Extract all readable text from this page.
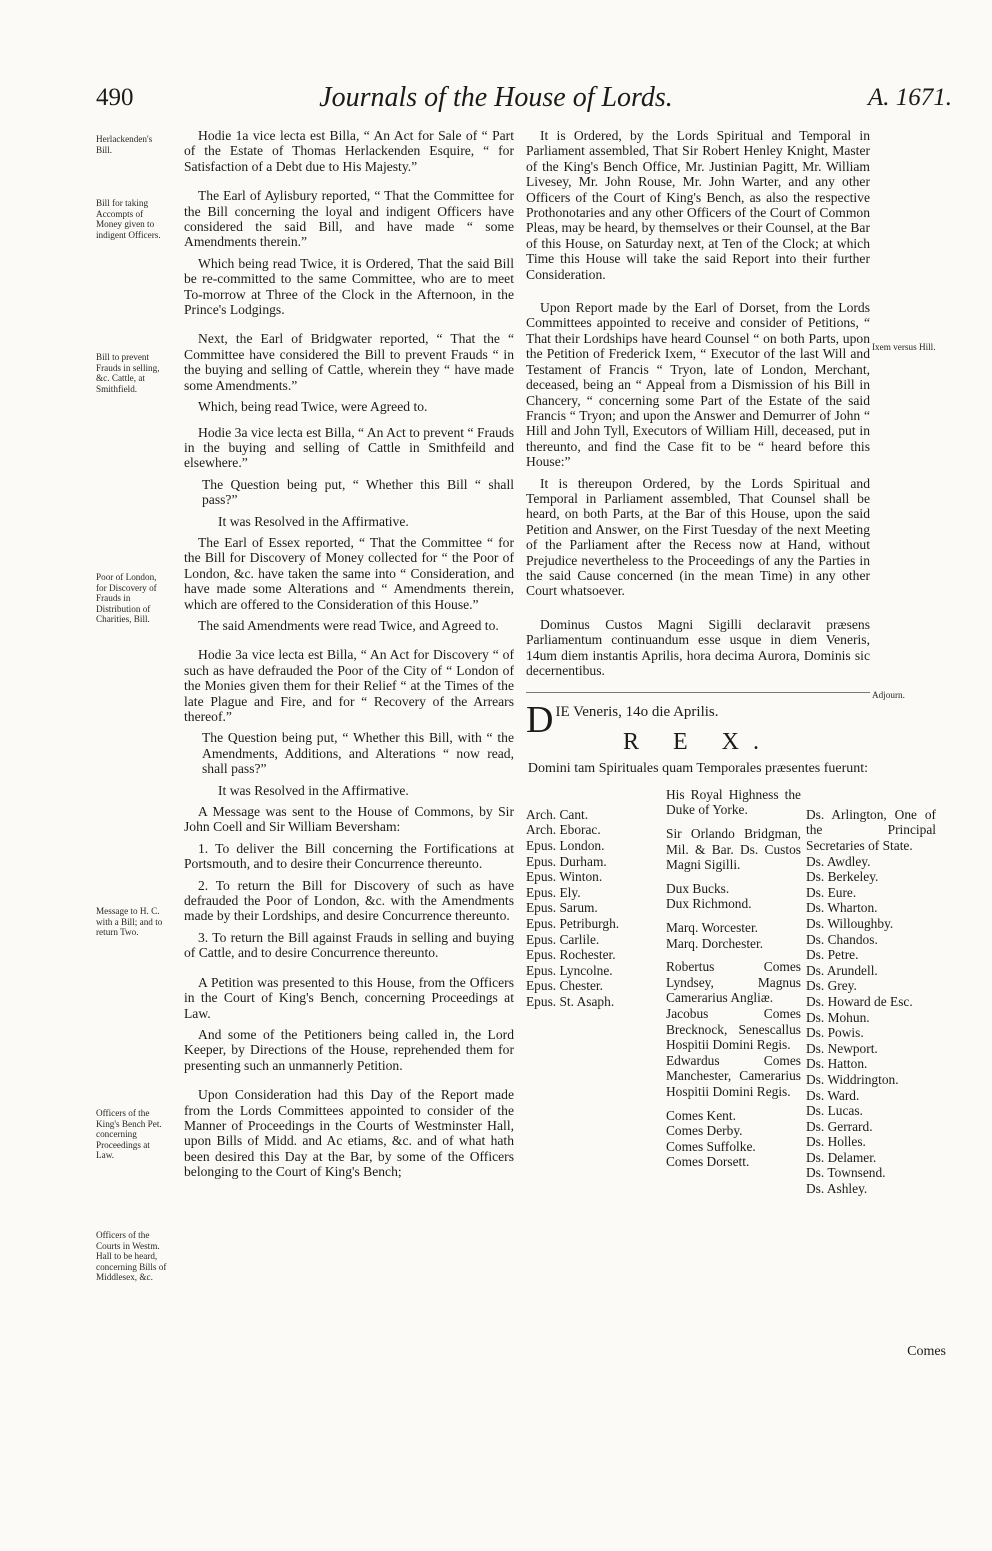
490	Journals of the House of Lords.	A. 1671.
Herlackenden's Bill.
Bill for taking Accompts of Money given to indigent Officers.
Bill to prevent Frauds in selling, &c. Cattle, at Smithfield.
Poor of London, for Discovery of Frauds in Distribution of Charities, Bill.
Message to H. C. with a Bill; and to return Two.
Officers of the King's Bench Pet. concerning Proceedings at Law.
Officers of the Courts in Westm. Hall to be heard, concerning Bills of Middlesex, &c.
Ixem versus Hill.
Adjourn.

Hodie 1a vice lecta est Billa, “ An Act for Sale of “ Part of the Estate of Thomas Herlackenden Esquire, “ for Satisfaction of a Debt due to His Majesty.”

The Earl of Aylisbury reported, “ That the Committee for the Bill concerning the loyal and indigent Officers have considered the said Bill, and have made “ some Amendments therein.”

Which being read Twice, it is Ordered, That the said Bill be re-committed to the same Committee, who are to meet To-morrow at Three of the Clock in the Afternoon, in the Prince's Lodgings.

Next, the Earl of Bridgwater reported, “ That the “ Committee have considered the Bill to prevent Frauds “ in the buying and selling of Cattle, wherein they “ have made some Amendments.”

Which, being read Twice, were Agreed to.

Hodie 3a vice lecta est Billa, “ An Act to prevent “ Frauds in the buying and selling of Cattle in Smithfeild and elsewhere.”

The Question being put, “ Whether this Bill “ shall pass?”

It was Resolved in the Affirmative.

The Earl of Essex reported, “ That the Committee “ for the Bill for Discovery of Money collected for “ the Poor of London, &c. have taken the same into “ Consideration, and have made some Alterations and “ Amendments therein, which are offered to the Consideration of this House.”

The said Amendments were read Twice, and Agreed to.

Hodie 3a vice lecta est Billa, “ An Act for Discovery “ of such as have defrauded the Poor of the City of “ London of the Monies given them for their Relief “ at the Times of the late Plague and Fire, and for “ Recovery of the Arrears thereof.”

The Question being put, “ Whether this Bill, with “ the Amendments, Additions, and Alterations “ now read, shall pass?”

It was Resolved in the Affirmative.

A Message was sent to the House of Commons, by Sir John Coell and Sir William Beversham:

1. To deliver the Bill concerning the Fortifications at Portsmouth, and to desire their Concurrence thereunto.

2. To return the Bill for Discovery of such as have defrauded the Poor of London, &c. with the Amendments made by their Lordships, and desire Concurrence thereunto.

3. To return the Bill against Frauds in selling and buying of Cattle, and to desire Concurrence thereunto.

A Petition was presented to this House, from the Officers in the Court of King's Bench, concerning Proceedings at Law.

And some of the Petitioners being called in, the Lord Keeper, by Directions of the House, reprehended them for presenting such an unmannerly Petition.

Upon Consideration had this Day of the Report made from the Lords Committees appointed to consider of the Manner of Proceedings in the Courts of Westminster Hall, upon Bills of Midd. and Ac etiams, &c. and of what hath been desired this Day at the Bar, by some of the Officers belonging to the Court of King's Bench;

It is Ordered, by the Lords Spiritual and Temporal in Parliament assembled, That Sir Robert Henley Knight, Master of the King's Bench Office, Mr. Justinian Pagitt, Mr. William Livesey, Mr. John Rouse, Mr. John Warter, and any other Officers of the Court of King's Bench, as also the respective Prothonotaries and any other Officers of the Court of Common Pleas, may be heard, by themselves or their Counsel, at the Bar of this House, on Saturday next, at Ten of the Clock; at which Time this House will take the said Report into their further Consideration.

Upon Report made by the Earl of Dorset, from the Lords Committees appointed to receive and consider of Petitions, “ That their Lordships have heard Counsel “ on both Parts, upon the Petition of Frederick Ixem, “ Executor of the last Will and Testament of Francis “ Tryon, late of London, Merchant, deceased, being an “ Appeal from a Dismission of his Bill in Chancery, “ concerning some Part of the Estate of the said Francis “ Tryon; and upon the Answer and Demurrer of John “ Hill and John Tyll, Executors of William Hill, deceased, put in thereunto, and find the Case fit to be “ heard before this House:”

It is thereupon Ordered, by the Lords Spiritual and Temporal in Parliament assembled, That Counsel shall be heard, on both Parts, at the Bar of this House, upon the said Petition and Answer, on the First Tuesday of the next Meeting of the Parliament after the Recess now at Hand, without Prejudice nevertheless to the Proceedings of any the Parties in the said Cause concerned (in the mean Time) in any other Court whatsoever.

Dominus Custos Magni Sigilli declaravit præsens Parliamentum continuandum esse usque in diem Veneris, 14um diem instantis Aprilis, hora decima Aurora, Dominis sic decernentibus.

D IE Veneris, 14o die Aprilis.
R E X.
Domini tam Spirituales quam Temporales præsentes fuerunt:
Arch. Cant.
Arch. Eborac.
Epus. London.
Epus. Durham.
Epus. Winton.
Epus. Ely.
Epus. Sarum.
Epus. Petriburgh.
Epus. Carlile.
Epus. Rochester.
Epus. Lyncolne.
Epus. Chester.
Epus. St. Asaph.
His Royal Highness the Duke of Yorke.
Sir Orlando Bridgman, Mil. & Bar. Ds. Custos Magni Sigilli.
Dux Bucks.
Dux Richmond.
Marq. Worcester.
Marq. Dorchester.
Robertus Comes Lyndsey, Magnus Camerarius Angliæ.
Jacobus Comes Brecknock, Senescallus Hospitii Domini Regis.
Edwardus Comes Manchester, Camerarius Hospitii Domini Regis.
Comes Kent.
Comes Derby.
Comes Suffolke.
Comes Dorsett.
Ds. Arlington, One of the Principal Secretaries of State.
Ds. Awdley.
Ds. Berkeley.
Ds. Eure.
Ds. Wharton.
Ds. Willoughby.
Ds. Chandos.
Ds. Petre.
Ds. Arundell.
Ds. Grey.
Ds. Howard de Esc.
Ds. Mohun.
Ds. Powis.
Ds. Newport.
Ds. Hatton.
Ds. Widdrington.
Ds. Ward.
Ds. Lucas.
Ds. Gerrard.
Ds. Holles.
Ds. Delamer.
Ds. Townsend.
Ds. Ashley.
Comes
